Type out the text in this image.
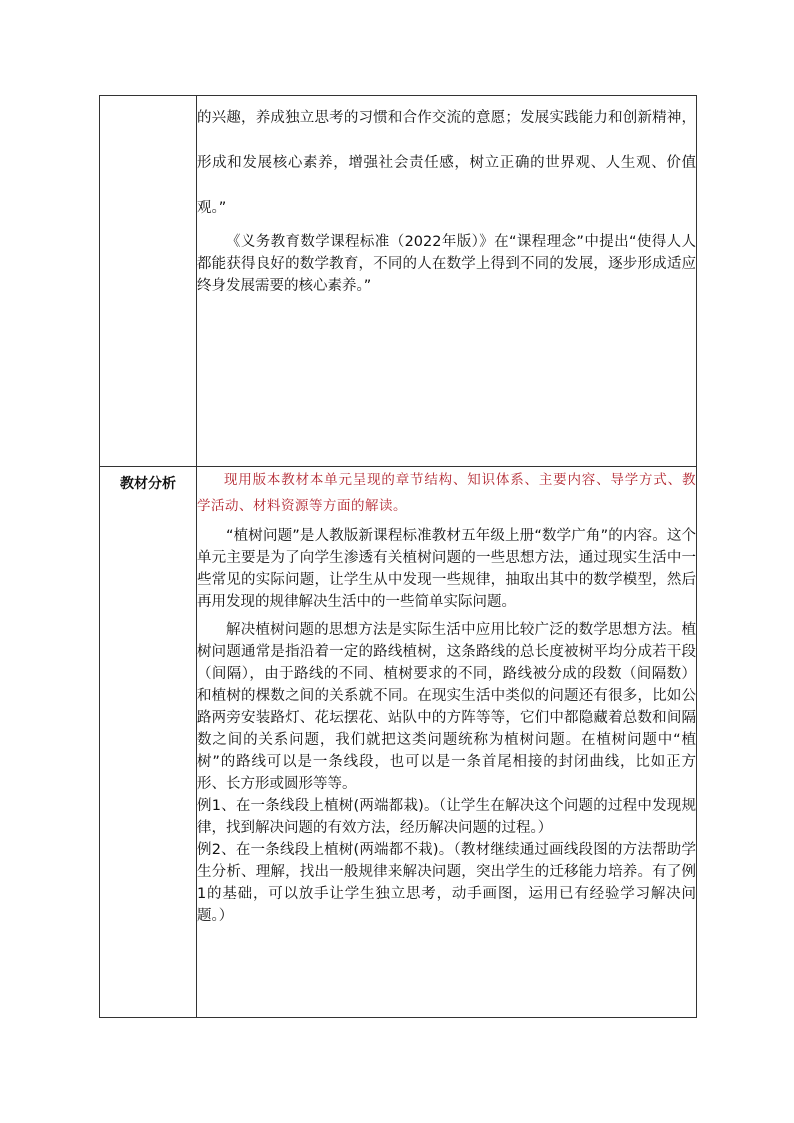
	的兴趣，养成独立思考的习惯和合作交流的意愿；发展实践能力和创新精神，形成和发展核心素养，增强社会责任感，树立正确的世界观、人生观、价值观。”

《义务教育数学课程标准（2022年版）》在“课程理念”中提出“使得人人都能获得良好的数学教育，不同的人在数学上得到不同的发展，逐步形成适应终身发展需要的核心素养。”

教材分析	现用版本教材本单元呈现的章节结构、知识体系、主要内容、导学方式、教学活动、材料资源等方面的解读。

“植树问题”是人教版新课程标准教材五年级上册“数学广角”的内容。这个单元主要是为了向学生渗透有关植树问题的一些思想方法，通过现实生活中一些常见的实际问题，让学生从中发现一些规律，抽取出其中的数学模型，然后再用发现的规律解决生活中的一些简单实际问题。

解决植树问题的思想方法是实际生活中应用比较广泛的数学思想方法。植树问题通常是指沿着一定的路线植树，这条路线的总长度被树平均分成若干段（间隔），由于路线的不同、植树要求的不同，路线被分成的段数（间隔数）和植树的棵数之间的关系就不同。在现实生活中类似的问题还有很多，比如公路两旁安装路灯、花坛摆花、站队中的方阵等等，它们中都隐藏着总数和间隔数之间的关系问题，我们就把这类问题统称为植树问题。在植树问题中“植树”的路线可以是一条线段，也可以是一条首尾相接的封闭曲线，比如正方形、长方形或圆形等等。

例1、在一条线段上植树(两端都栽)。（让学生在解决这个问题的过程中发现规律，找到解决问题的有效方法，经历解决问题的过程。）

例2、在一条线段上植树(两端都不栽)。（教材继续通过画线段图的方法帮助学生分析、理解，找出一般规律来解决问题，突出学生的迁移能力培养。有了例1的基础，可以放手让学生独立思考，动手画图，运用已有经验学习解决问题。）
